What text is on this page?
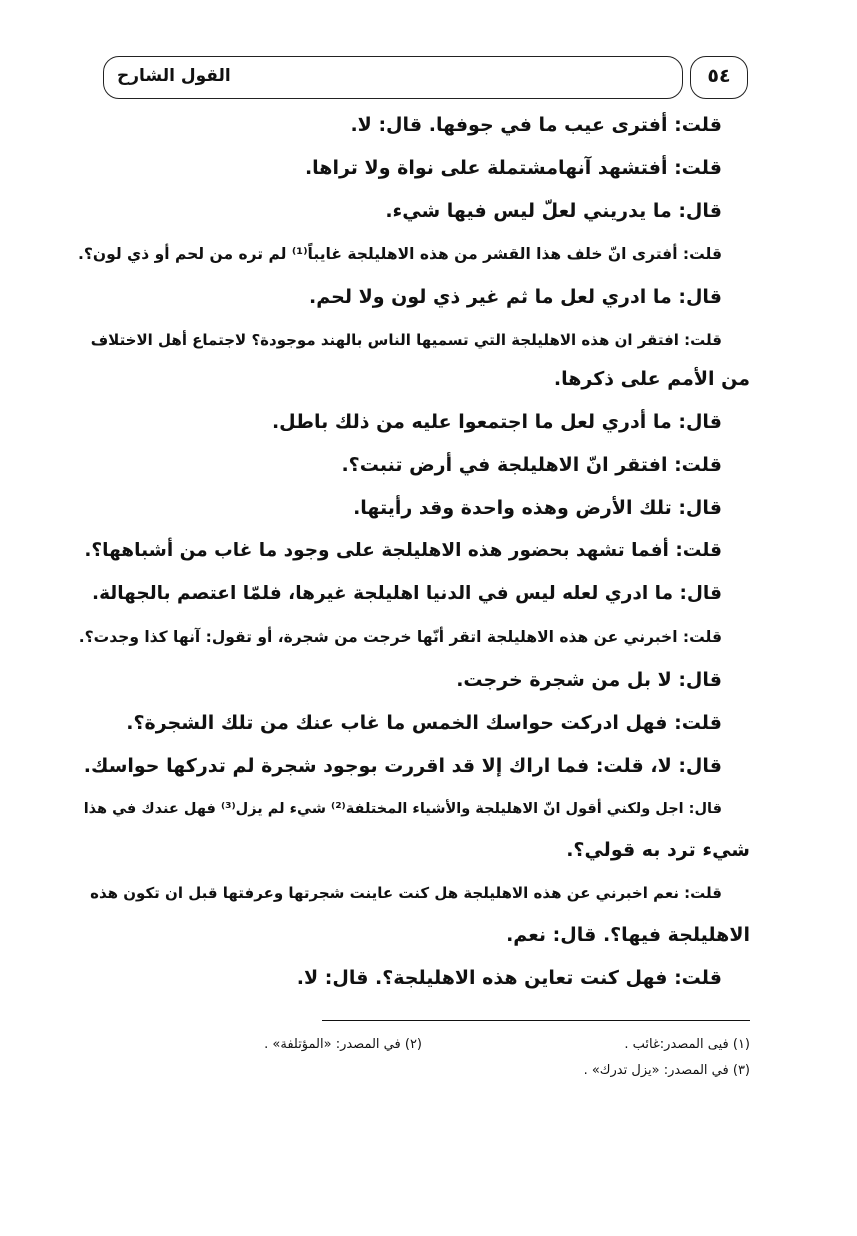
القول الشارح	٥٤
قلت: أفترى عيب ما في جوفها. قال: لا.
قلت: أفتشهد آنهامشتملة على نواة ولا تراها.
قال: ما يدريني لعلّ ليس فيها شيء.
قلت: أفترى انّ خلف هذا القشر من هذه الاهليلجة غايباً⁽¹⁾ لم تره من لحم أو ذي لون؟.
قال: ما ادري لعل ما ثم غير ذي لون ولا لحم.
قلت: افتقر ان هذه الاهليلجة التي تسميها الناس بالهند موجودة؟ لاجتماع أهل الاختلاف
من الأمم على ذكرها.
قال: ما أدري لعل ما اجتمعوا عليه من ذلك باطل.
قلت: افتقر انّ الاهليلجة في أرض تنبت؟.
قال: تلك الأرض وهذه واحدة وقد رأيتها.
قلت: أفما تشهد بحضور هذه الاهليلجة على وجود ما غاب من أشباهها؟.
قال: ما ادري لعله ليس في الدنيا اهليلجة غيرها، فلمّا اعتصم بالجهالة.
قلت: اخبرني عن هذه الاهليلجة اتقر أنّها خرجت من شجرة، أو تقول: آنها كذا وجدت؟.
قال: لا بل من شجرة خرجت.
قلت: فهل ادركت حواسك الخمس ما غاب عنك من تلك الشجرة؟.
قال: لا، قلت: فما اراك إلا قد اقررت بوجود شجرة لم تدركها حواسك.
قال: اجل ولكني أقول انّ الاهليلجة والأشياء المختلفة⁽²⁾ شيء لم يزل⁽³⁾ فهل عندك في هذا
شيء ترد به قولي؟.
قلت: نعم اخبرني عن هذه الاهليلجة هل كنت عاينت شجرتها وعرفتها قبل ان تكون هذه
الاهليلجة فيها؟. قال: نعم.
قلت: فهل كنت تعاين هذه الاهليلجة؟. قال: لا.
(١) فيى المصدر:غائب .
(٢) في المصدر: «المؤتلفة» .
(٣) في المصدر: «يزل تدرك» .
